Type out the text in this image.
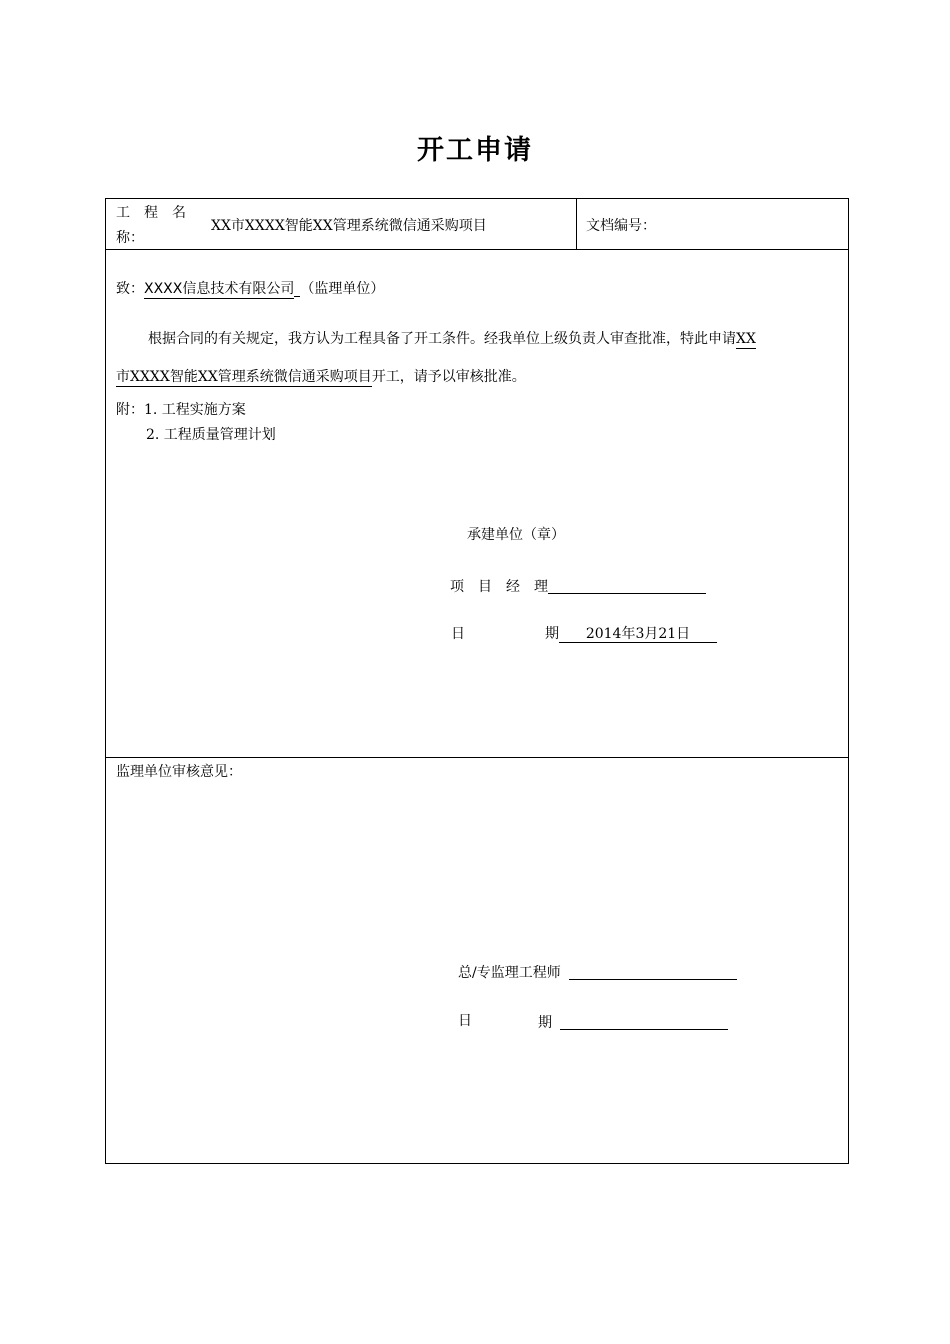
开工申请
工　程　名
称：
XX市XXXX智能XX管理系统微信通采购项目	文档编号：
致：XXXX信息技术有限公司 （监理单位）
根据合同的有关规定，我方认为工程具备了开工条件。经我单位上级负责人审查批准，特此申请XX
市XXXX智能XX管理系统微信通采购项目开工，请予以审核批准。
附：1. 工程实施方案
2. 工程质量管理计划
承建单位（章）
项　目　经　理
日	期 2014年3月21日
监理单位审核意见：
总/专监理工程师
日	期
